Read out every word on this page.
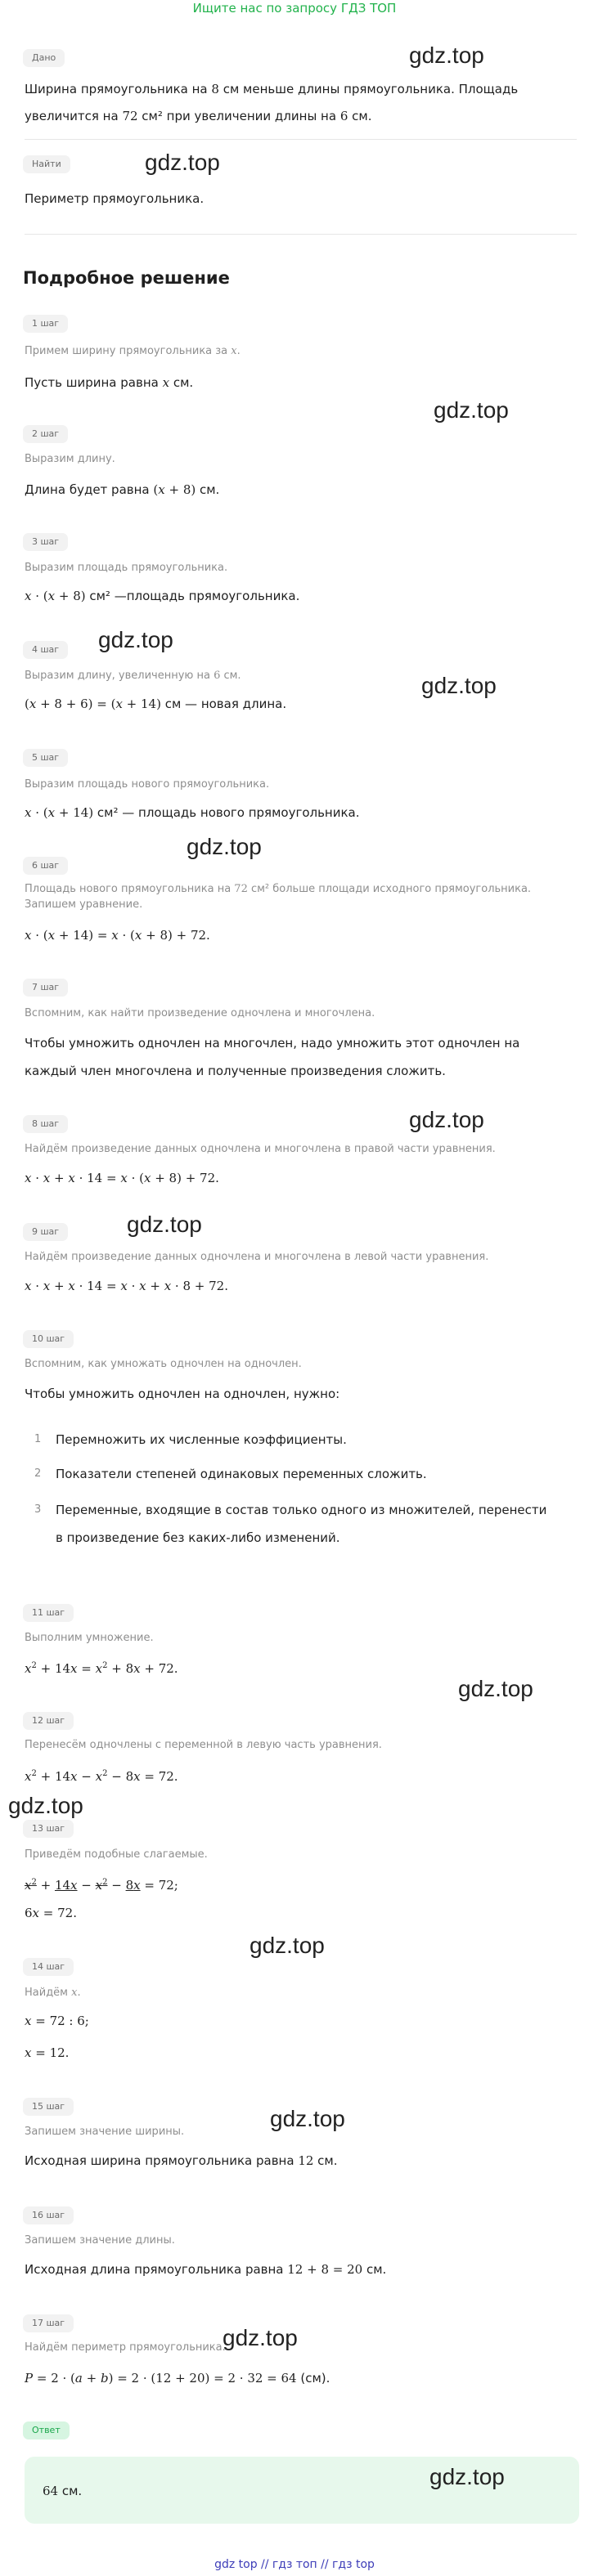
Ищите нас по запросу ГДЗ ТОП
Дано
Ширина прямоугольника на 8 см меньше длины прямоугольника. Площадь
увеличится на 72 см² при увеличении длины на 6 см.
Найти
Периметр прямоугольника.
Подробное решение
1 шаг
Примем ширину прямоугольника за x.
Пусть ширина равна x см.
2 шаг
Выразим длину.
Длина будет равна (x + 8) см.
3 шаг
Выразим площадь прямоугольника.
x · (x + 8) см² —площадь прямоугольника.
4 шаг
Выразим длину, увеличенную на 6 см.
(x + 8 + 6) = (x + 14) см — новая длина.
5 шаг
Выразим площадь нового прямоугольника.
x · (x + 14) см² — площадь нового прямоугольника.
6 шаг
Площадь нового прямоугольника на 72 см² больше площади исходного прямоугольника.
Запишем уравнение.
x · (x + 14) = x · (x + 8) + 72.
7 шаг
Вспомним, как найти произведение одночлена и многочлена.
Чтобы умножить одночлен на многочлен, надо умножить этот одночлен на
каждый член многочлена и полученные произведения сложить.
8 шаг
Найдём произведение данных одночлена и многочлена в правой части уравнения.
x · x + x · 14 = x · (x + 8) + 72.
9 шаг
Найдём произведение данных одночлена и многочлена в левой части уравнения.
x · x + x · 14 = x · x + x · 8 + 72.
10 шаг
Вспомним, как умножать одночлен на одночлен.
Чтобы умножить одночлен на одночлен, нужно:
1 Перемножить их численные коэффициенты.
2 Показатели степеней одинаковых переменных сложить.
3 Переменные, входящие в состав только одного из множителей, перенести
в произведение без каких-либо изменений.
11 шаг
Выполним умножение.
$x^2 + 14x = x^2 + 8x + 72$.
12 шаг
Перенесём одночлены с переменной в левую часть уравнения.
$x^2 + 14x - x^2 - 8x = 72$.
13 шаг
Приведём подобные слагаемые.
$x^2 + 14x - x^2 - 8x = 72$;
6x = 72.
14 шаг
Найдём x.
x = 72 : 6;
x = 12.
15 шаг
Запишем значение ширины.
Исходная ширина прямоугольника равна 12 см.
16 шаг
Запишем значение длины.
Исходная длина прямоугольника равна 12 + 8 = 20 см.
17 шаг
Найдём периметр прямоугольника.
P = 2 · (a + b) = 2 · (12 + 20) = 2 · 32 = 64 (см).
Ответ
64 см.
gdz.top
gdz.top
gdz.top
gdz.top
gdz.top
gdz.top
gdz.top
gdz.top
gdz.top
gdz.top
gdz.top
gdz.top
gdz.top
gdz.top
gdz top // гдз топ // гдз top
